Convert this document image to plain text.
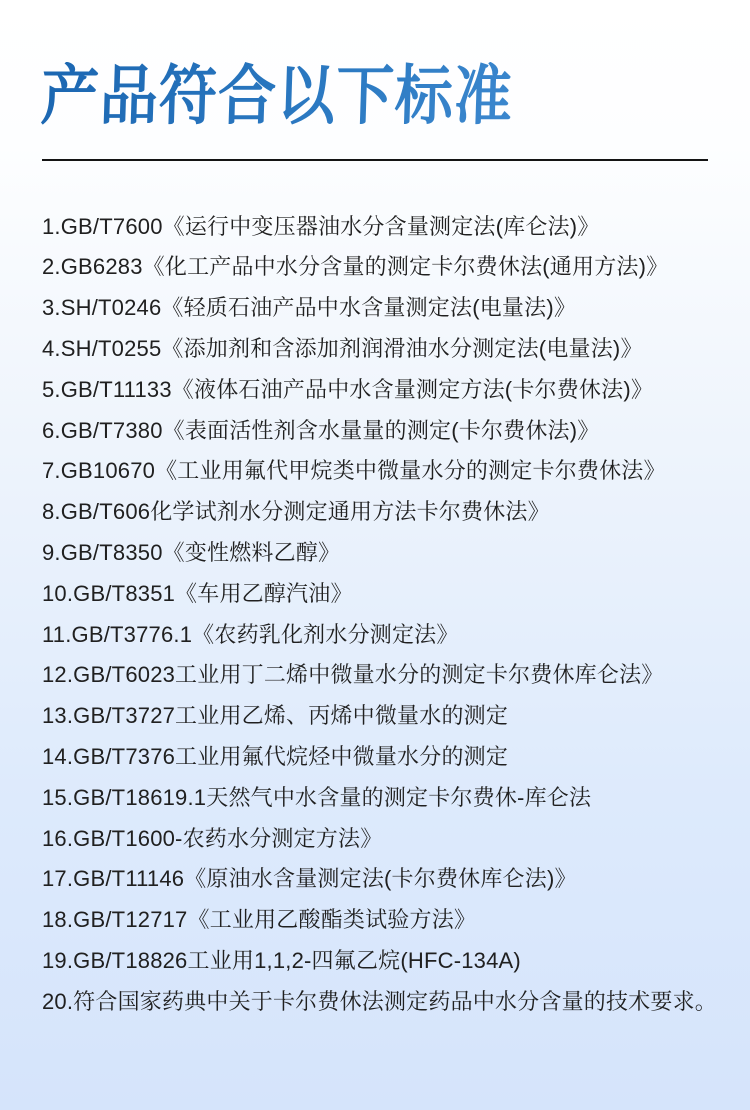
产品符合以下标准
1.GB/T7600《运行中变压器油水分含量测定法(库仑法)》
2.GB6283《化工产品中水分含量的测定卡尔费休法(通用方法)》
3.SH/T0246《轻质石油产品中水含量测定法(电量法)》
4.SH/T0255《添加剂和含添加剂润滑油水分测定法(电量法)》
5.GB/T11133《液体石油产品中水含量测定方法(卡尔费休法)》
6.GB/T7380《表面活性剂含水量量的测定(卡尔费休法)》
7.GB10670《工业用氟代甲烷类中微量水分的测定卡尔费休法》
8.GB/T606化学试剂水分测定通用方法卡尔费休法》
9.GB/T8350《变性燃料乙醇》
10.GB/T8351《车用乙醇汽油》
11.GB/T3776.1《农药乳化剂水分测定法》
12.GB/T6023工业用丁二烯中微量水分的测定卡尔费休库仑法》
13.GB/T3727工业用乙烯、丙烯中微量水的测定
14.GB/T7376工业用氟代烷烃中微量水分的测定
15.GB/T18619.1天然气中水含量的测定卡尔费休-库仑法
16.GB/T1600-农药水分测定方法》
17.GB/T11146《原油水含量测定法(卡尔费休库仑法)》
18.GB/T12717《工业用乙酸酯类试验方法》
19.GB/T18826工业用1,1,2-四氟乙烷(HFC-134A)
20.符合国家药典中关于卡尔费休法测定药品中水分含量的技术要求。
